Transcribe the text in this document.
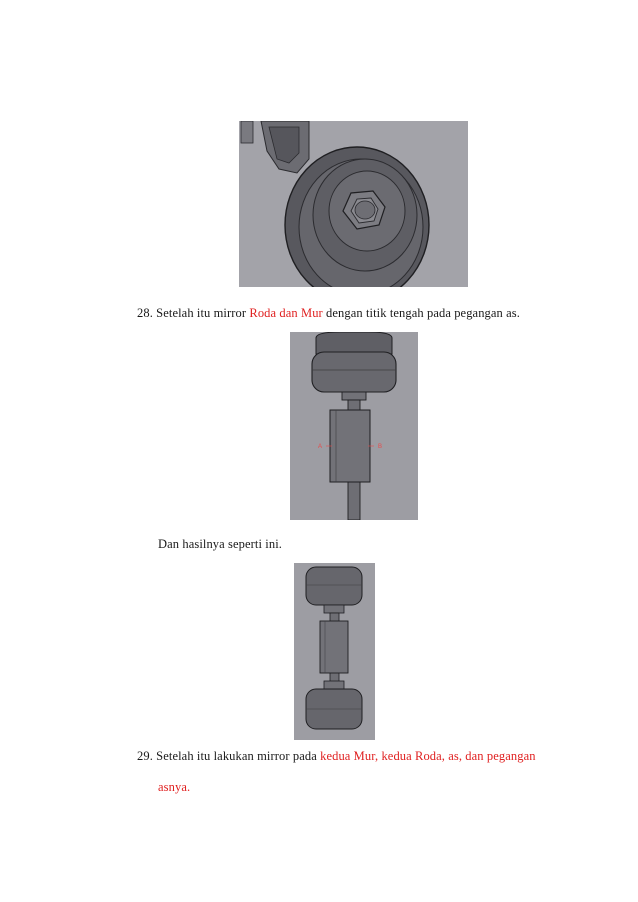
28. Setelah itu mirror Roda dan Mur dengan titik tengah pada pegangan as.
A	B
Dan hasilnya seperti ini.
29. Setelah itu lakukan mirror pada kedua Mur, kedua Roda, as, dan pegangan
asnya.
